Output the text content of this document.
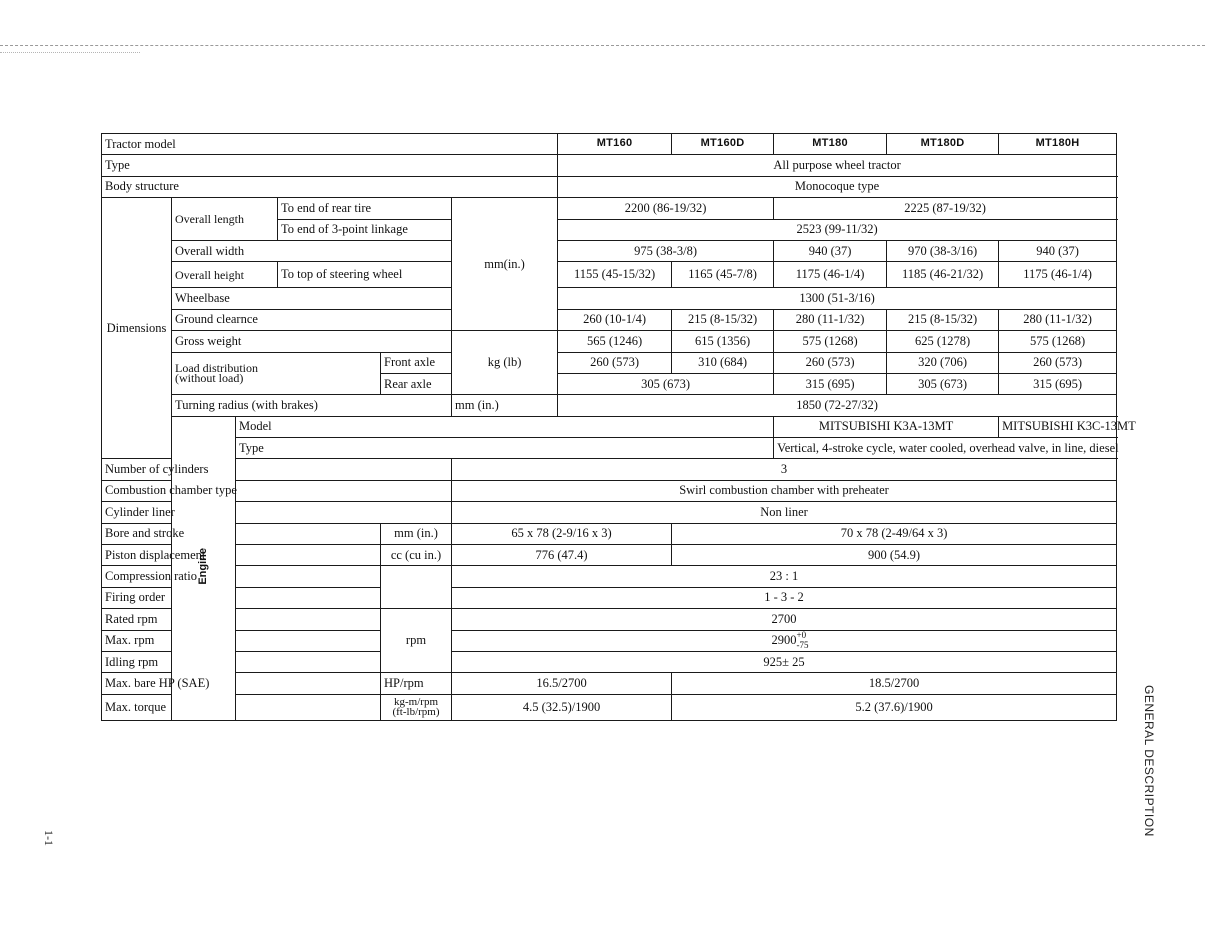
Tractor model						MT160	MT160D	MT180	MT180D	MT180H	
Type						All purpose wheel tractor					
Body structure						Monocoque type					
Dimensions	Overall length		To end of rear tire		mm(in.)	2200 (86-19/32)		2225 (87-19/32)			
			To end of 3-point linkage			2523 (99-11/32)					
	Overall width					975 (38-3/8)		940 (37)	970 (38-3/16)	940 (37)	

	Overall height		To top of steering wheel			1155 (45-15/32)	1165 (45-7/8)	1175 (46-1/4)	1185 (46-21/32)	1175 (46-1/4)	
	Wheelbase					1300 (51-3/16)					
	Ground clearnce					260 (10-1/4)	215 (8-15/32)	280 (11-1/32)	215 (8-15/32)	280 (11-1/32)	
	Gross weight				kg (lb)	565 (1246)	615 (1356)	575 (1268)	625 (1278)	575 (1268)	

	Load distribution
(without load)			Front axle		260 (573)	310 (684)	260 (573)	320 (706)	260 (573)	
				Rear axle		305 (673)		315 (695)	305 (673)	315 (695)	
	Turning radius (with brakes)				mm (in.)	1850 (72-27/32)					
	Engine	Model						MITSUBISHI K3A-13MT		MITSUBISHI K3C-13MT	
		Type						Vertical, 4-stroke cycle, water cooled, overhead valve, in line, diesel			
Number of cylinders					3						
Combustion chamber type					Swirl combustion chamber with preheater						
Cylinder liner					Non liner						
Bore and stroke				mm (in.)	65 x 78 (2-9/16 x 3)		70 x 78 (2-49/64 x 3)				
Piston displacement				cc (cu in.)	776 (47.4)		900 (54.9)				
Compression ratio					23 : 1						
Firing order					1 - 3 - 2						
Rated rpm				rpm	2700						
Max. rpm					2900 +0
-75						

Idling rpm					925± 25						
Max. bare HP (SAE)				HP/rpm	16.5/2700		18.5/2700				
Max. torque				kg-m/rpm
(ft-lb/rpm)	4.5 (32.5)/1900		5.2 (37.6)/1900					GENERAL DESCRIPTION
1-1
